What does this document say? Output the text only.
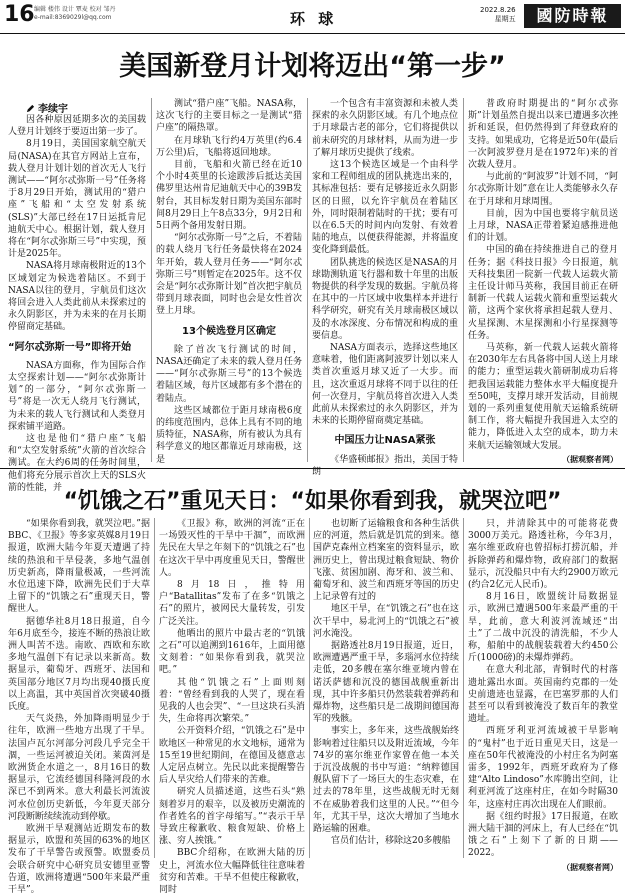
16 编辑 楼伟 设计 覃麦 校对 邹丹
e-mail:8369029l@qq.com	环 球	2022.8.26
星期五	國防時報
美国新登月计划将迈出“第一步”
李续宇

因各种原因延期多次的美国载人登月计划终于要迈出第一步了。

8月19日，美国国家航空航天局(NASA)在其官方网站上宣布，载人登月计划计划的首次无人飞行测试——“阿尔忒弥斯一号”任务将于8月29日开始，测试用的“猎户座”飞船和“太空发射系统(SLS)”大部已经在17日运抵肯尼迪航天中心。根据计划，载人登月将在“阿尔忒弥斯三号”中实现，预计是2025年。

NASA将月球南极附近的13个区域划定为候选着陆区。不到于NASA以往的登月，宇航员们这次将回会进入人类此前从未探索过的永久阴影区，并为未来的在月长期停留商定基础。

“阿尔忒弥斯一号”即将开始

NASA方面称，作为国际合作太空探索计划——“阿尔忒弥斯计划”的一部分，“阿尔忒弥斯一号”将是一次无人绕月飞行测试，为未来的载人飞行测试和人类登月探索铺平道路。

这也是他们“猎户座”飞船和“太空发射系统”火箭的首次综合测试。在大约6周的任务时间里，他们将充分展示首次上天的SLS火箭的性能，并

测试“猎户座”飞船。NASA称，这次飞行的主要目标之一是测试“猎户座”的隔热罩。

在月球轨飞行约4万英里(约6.4万公里)后，飞船将返回地球。

目前，飞船和火箭已经在近10个小时4英里的长途跋涉后抵达美国佛罗里达州肯尼迪航天中心的39B发射台，其目标发射日期为美国东部时间8月29日上午8点33分，9月2日和5日两个备用发射日期。

“阿尔忒弥斯一号”之后，不着陆的载人绕月飞行任务最快将在2024年开始，载人登月任务——“阿尔忒弥斯三号”则暂定在2025年。这不仅会是“阿尔忒弥斯计划”首次把宇航员带到月球表面，同时也会是女性首次登上月球。

13个候选登月区确定

除了首次飞行测试的时间，NASA还确定了未来的载人登月任务——“阿尔忒弥斯三号”的13个候选着陆区域，每片区域都有多个潜在的着陆点。

这些区域都位于距月球南极6度的纬度范围内，总体上具有不同的地质特征，NASA称，所有被认为具有科学意义的地区都靠近月球南极，这是

一个包含有丰富资源和未被人类探索的永久阴影区域。有几个地点位于月球最古老的部分，它们将提供以前未研究的月球材料，从而为进一步了解月球历史提供了线索。

这13个候选区域是一个由科学家和工程师组成的团队挑选出来的，其标准包括：要有足够接近永久阴影区的日照，以允许宇航员在着陆区外，同时限制着陆时的干扰；要有可以在6.5天的时间内向发射、有效着陆的地点，以便获得能源，并将温度变化降到最低。

团队挑选的候选区是NASA的月球勘测轨道飞行器和数十年里的出版物提供的科学发现的数据。宇航员将在其中的一片区域中收集样本并进行科学研究，研究有关月球南极区域以及的水冰深度、分布情况和构成的重要信息。

NASA方面表示，选择这些地区意味着，他们距离阿波罗计划以来人类首次重返月球又近了一大步。而且，这次重返月球将不同于以往的任何一次登月，宇航员将首次进入人类此前从未探索过的永久阴影区，并为未来的长期停留商奠定基础。

中国压力让NASA紧张

《华盛顿邮报》指出，美国于特朗

普政府时期提出的“阿尔忒弥斯”计划虽然自提出以来已遭遇多次挫折和延误，但仍然得到了拜登政府的支持。如果成功，它将是近50年(最后一次阿波罗登月是在1972年)来的首次载人登月。

与此前的“阿波罗”计划不同，“阿尔忒弥斯计划”意在让人类能够永久存在于月球和月球周围。

目前，因为中国也要将宇航员送上月球，NASA正带着紧迫感推进他们的计划。

中国的确在持续推进自己的登月任务；据《科技日报》今日报道，航天科技集团一院新一代载人运载火箭主任设计师马英称，我国目前正在研制新一代载人运载火箭和重型运载火箭，这两个家伙将承担起载人登月、火星探测、木星探测和小行星探测等任务。

马英称，新一代载人运载火箭将在2030年左右具备将中国人送上月球的能力；重型运载火箭研制成功后将把我国运载能力整体水平大幅度提升至50吨，支撑月球开发活动，目前规划的一系列重复使用航天运输系统研制工作，将大幅提升我国进入太空的能力，降低进入太空的成本，助力未来航天运输领域大发展。

（据观察者网）
“饥饿之石”重见天日：“如果你看到我，就哭泣吧”

“如果你看到我，就哭泣吧。”据BBC、《卫报》等多家英媒8月19日报道，欧洲大陆今年夏天遭遇了持续的热浪和干旱侵袭，多地气温创历史新高，降雨量极减，一些河流水位迅速下降，欧洲先民们于大草上留下的“饥饿之石”重现天日，警醒世人。

据德华社8月18日报道，自今年6月底至今，接连不断的热浪让欧洲人叫苦不迭。南欧、西欧和东欧多地气温创下有记录以来新高。数据显示，葡萄牙、西班牙、法国和英国部分地区7月均出现40摄氏度以上高温，其中英国首次突破40摄氏度。

天气炎热，外加降雨明显少于往年，欧洲一些地方出现了干旱。法国卢瓦尔河部分河段几乎完全干涸，一些运河被迫关闭。莱茵河是欧洲货企水道之一，8月16日的数据显示，它流经德国科隆河段的水深已不到两米。意大利最长河流波河水位创历史新低，今年夏天部分河段断断续续流动到停歇。

欧洲干旱观测站近期发布的数据显示，欧盟和英国的63%的地区发布了干旱警告或预警。欧盟委员会联合研究中心研究员安德里亚警告道，欧洲将遭遇“500年来最严重干旱”。

《卫报》称，欧洲的河流“正在一场毁灭性的干旱中干涸”，而欧洲先民在大旱之年刻下的“饥饿之石”也在这次干旱中再度重见天日，警醒世人。

8月18日，推特用户“Batallitas”发布了在多“饥饿之石”的照片，被网民大量转发，引发广泛关注。

他晒出的照片中最古老的“饥饿之石”可以追溯到1616年，上面用德文刻着：“如果你看到我，就哭泣吧。”

其他“饥饿之石”上面则刻着：“曾经看到我的人哭了，现在看见我的人也会哭”、“一旦这块石头消失，生命将再次繁荣。”

公开资料介绍，“饥饿之石”是中欧地区一种常见的水文地标，通常为15至19世纪期间，在德国及德意志人定居点树立。先民以此来提醒警告后人旱灾给人们带来的苦难。

研究人员描述道，这些石头“熟刻着岁月的艰辛，以及被历史潮流的作者姓名的首字母缩写。”“表示干旱导致庄稼歉收、粮食短缺、价格上涨、穷人挨饿。”

BBC介绍称，在欧洲大陆的历史上，河流水位大幅降低往往意味着贫穷和苦难。干旱不但使庄稼歉收，同时

也切断了运输粮食和各种生活供应的河道，然后就是饥荒的到来。德国萨克森州立档案室的资料显示，欧洲历史上，曾出现过粮食短缺、物价飞涨、贫困加剧、海牙和、波兰和、葡萄牙和、波兰和西班牙等国的历史上记录曾有过的

地区干旱，在“饥饿之石”也在这次干旱中，易北河上的“饥饿之石”被河水淹没。

据路透社8月19日报道，近日，欧洲遭遇严重干旱，多瑙河水位持续走低，20多艘在塞尔维亚境内曾在诺沃萨德和沉没的德国战舰重新出现，其中许多船只仍然装载着弹药和爆炸物，这些船只是二战期间德国海军的残骸。

事实上，多年来，这些战舰始终影响着过往船只以及附近流域，今年74岁的塞尔维亚作家曾在他一本关于沉没战舰的书中写道：“纳粹德国舰队留下了一场巨大的生态灾难，在过去的78年里，这些战舰无时无刻不在威胁着我们这里的人民。”“但今年，尤其干旱，这次大增加了当地水路运输的困难。

官员们估计，移除这20多艘船

只，并清除其中的可能将花费3000万美元。路透社称，今年3月，塞尔维亚政府也曾招标打捞沉船，并拆除弹药和爆炸物，政府部门的数据显示，沉没船只中有大约2900万欧元(约合2亿元人民币)。

8月16日，欧盟统计局数据显示，欧洲已遭遇500年来最严重的干旱，此前，意大利波河流域还“出土”了二战中沉没的清洗船，不少人称，船舶中的战舰装载着大约450公斤(1000磅)的未爆炸弹药。

在意大利北部，青铜时代的村落遗址露出水面。英国南约克郡的一处史前遗迹也显露，在巴塞罗那的人们甚至可以看到被淹没了数百年的教堂遗址。

西班牙利亚河流域被干旱影响的“鬼村”也于近日重见天日，这是一座在50年代被淹没的小村庄名为阿塞雷多，1992年，西班牙政府为了修建“Alto Lindoso”水库腾出空间，让利亚河流了这座村庄，在如今时隔30年，这座村庄再次出现在人们眼前。

据《纽约时报》17日报道，在欧洲大陆干涸的河床上，有人已经在“饥饿之石”上刻下了新的日期——2022。

（据观察者网）
